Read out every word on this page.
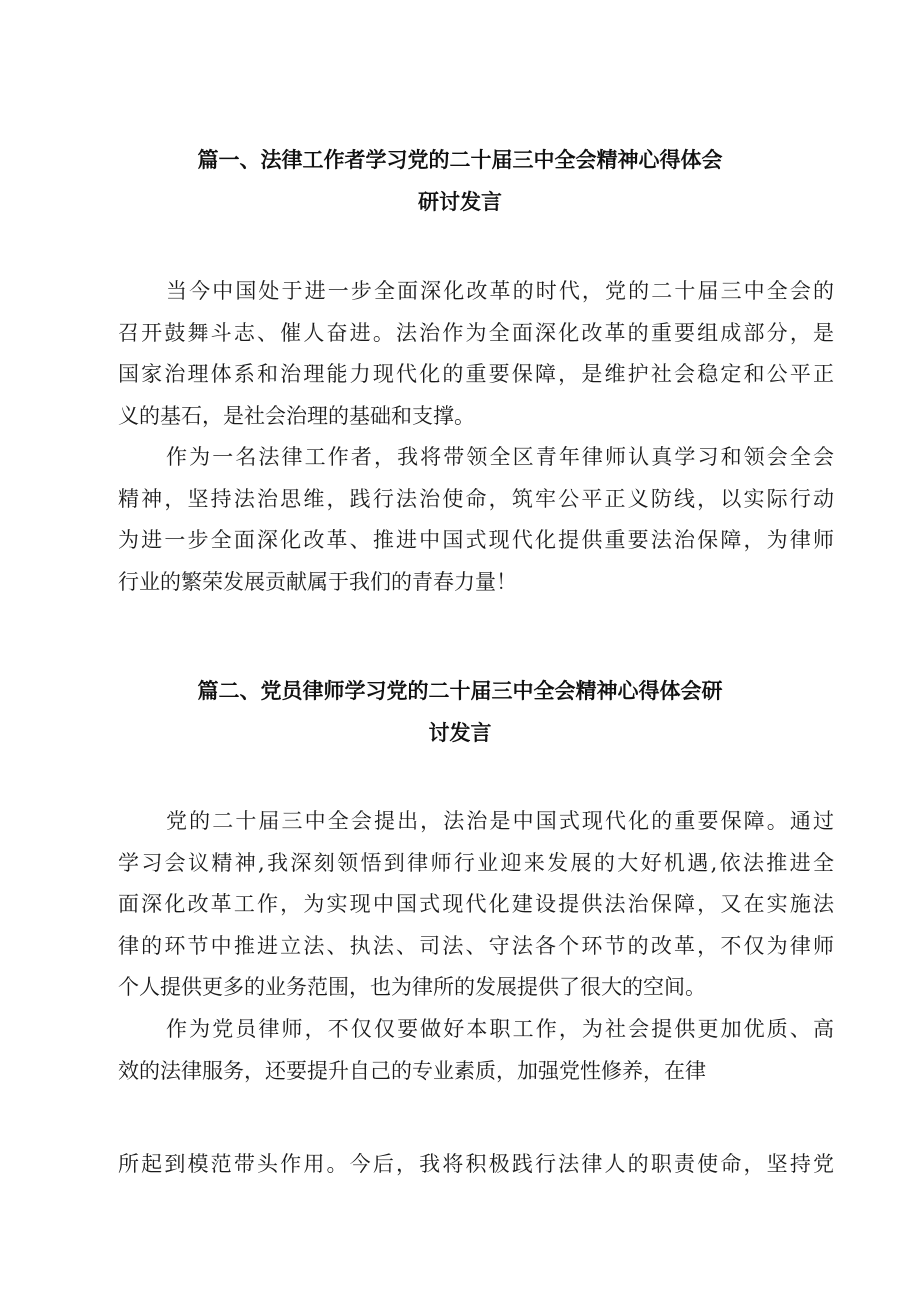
篇一、法律工作者学习党的二十届三中全会精神心得体会
研讨发言
当今中国处于进一步全面深化改革的时代，党的二十届三中全会的
召开鼓舞斗志、催人奋进。法治作为全面深化改革的重要组成部分，是
国家治理体系和治理能力现代化的重要保障，是维护社会稳定和公平正
义的基石，是社会治理的基础和支撑。
作为一名法律工作者，我将带领全区青年律师认真学习和领会全会
精神，坚持法治思维，践行法治使命，筑牢公平正义防线，以实际行动
为进一步全面深化改革、推进中国式现代化提供重要法治保障，为律师
行业的繁荣发展贡献属于我们的青春力量！
篇二、党员律师学习党的二十届三中全会精神心得体会研
讨发言
党的二十届三中全会提出，法治是中国式现代化的重要保障。通过
学习会议精神,我深刻领悟到律师行业迎来发展的大好机遇,依法推进全
面深化改革工作，为实现中国式现代化建设提供法治保障，又在实施法
律的环节中推进立法、执法、司法、守法各个环节的改革，不仅为律师
个人提供更多的业务范围，也为律所的发展提供了很大的空间。
作为党员律师，不仅仅要做好本职工作，为社会提供更加优质、高
效的法律服务，还要提升自己的专业素质，加强党性修养，在律
所起到模范带头作用。今后，我将积极践行法律人的职责使命，坚持党
